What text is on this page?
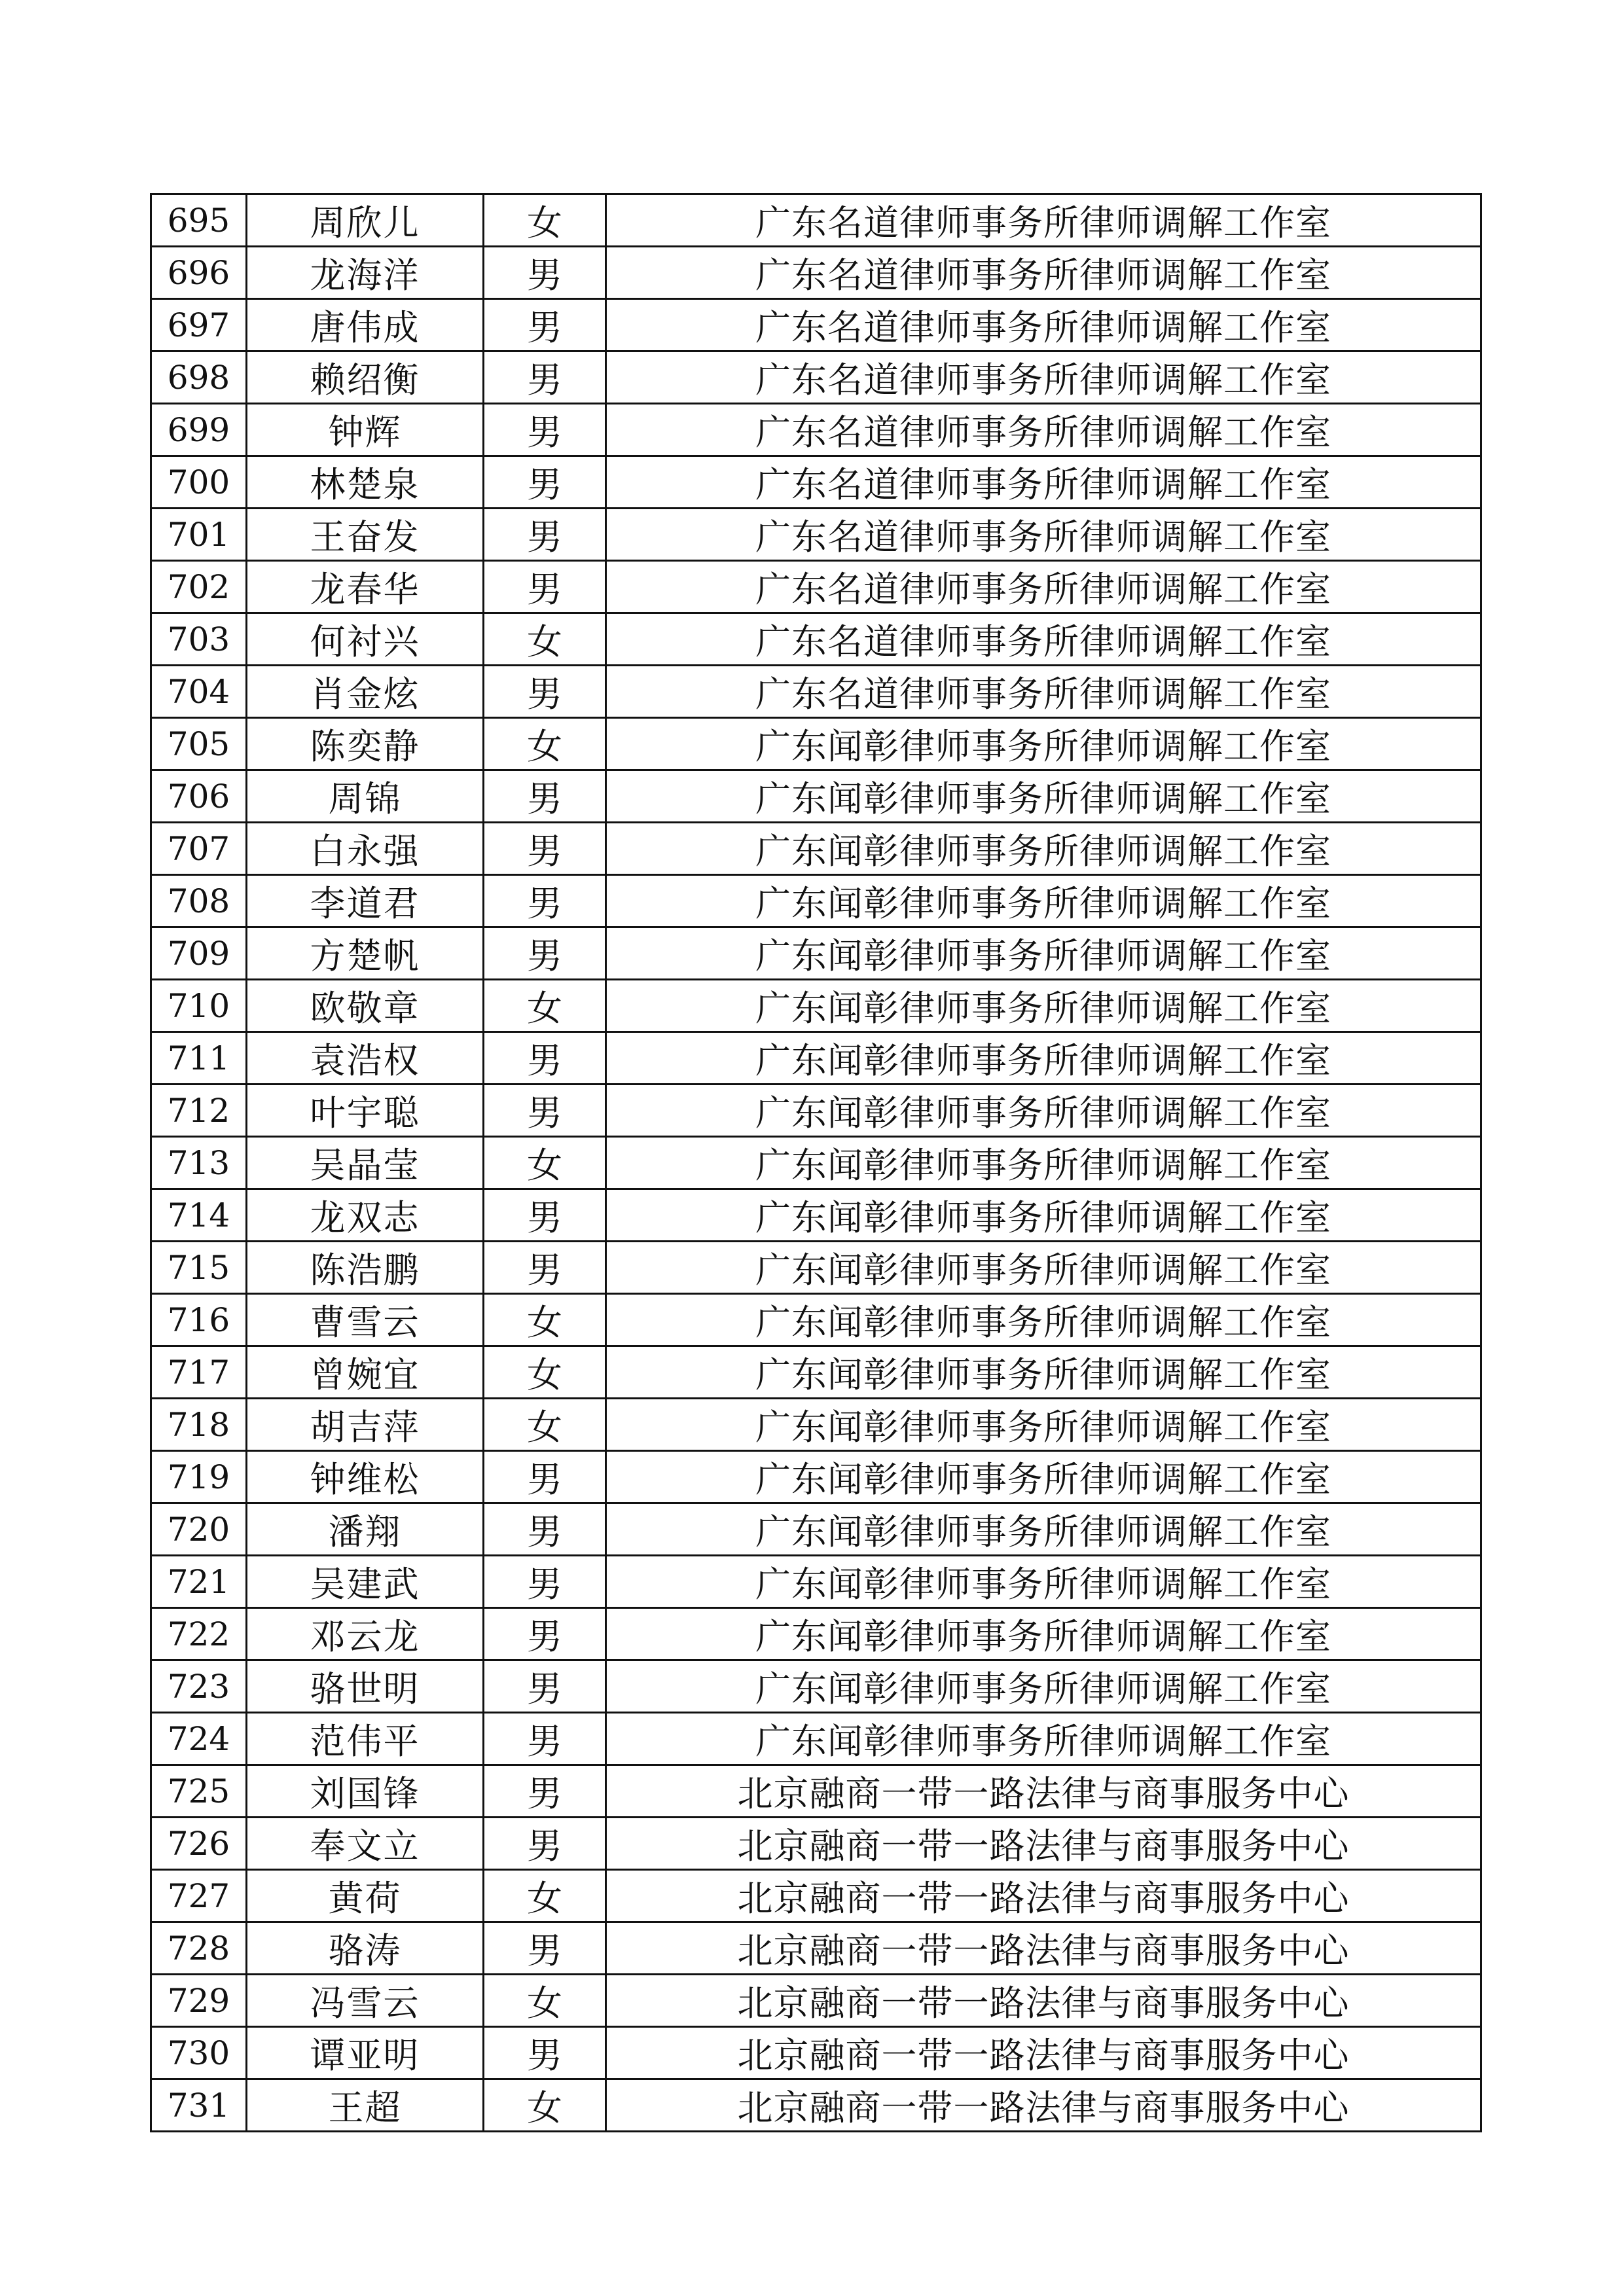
695	周欣儿	女	广东名道律师事务所律师调解工作室
696	龙海洋	男	广东名道律师事务所律师调解工作室
697	唐伟成	男	广东名道律师事务所律师调解工作室
698	赖绍衡	男	广东名道律师事务所律师调解工作室
699	钟辉	男	广东名道律师事务所律师调解工作室
700	林楚泉	男	广东名道律师事务所律师调解工作室
701	王奋发	男	广东名道律师事务所律师调解工作室
702	龙春华	男	广东名道律师事务所律师调解工作室
703	何衬兴	女	广东名道律师事务所律师调解工作室
704	肖金炫	男	广东名道律师事务所律师调解工作室
705	陈奕静	女	广东闻彰律师事务所律师调解工作室
706	周锦	男	广东闻彰律师事务所律师调解工作室
707	白永强	男	广东闻彰律师事务所律师调解工作室
708	李道君	男	广东闻彰律师事务所律师调解工作室
709	方楚帆	男	广东闻彰律师事务所律师调解工作室
710	欧敬章	女	广东闻彰律师事务所律师调解工作室
711	袁浩权	男	广东闻彰律师事务所律师调解工作室
712	叶宇聪	男	广东闻彰律师事务所律师调解工作室
713	吴晶莹	女	广东闻彰律师事务所律师调解工作室
714	龙双志	男	广东闻彰律师事务所律师调解工作室
715	陈浩鹏	男	广东闻彰律师事务所律师调解工作室
716	曹雪云	女	广东闻彰律师事务所律师调解工作室
717	曾婉宜	女	广东闻彰律师事务所律师调解工作室
718	胡吉萍	女	广东闻彰律师事务所律师调解工作室
719	钟维松	男	广东闻彰律师事务所律师调解工作室
720	潘翔	男	广东闻彰律师事务所律师调解工作室
721	吴建武	男	广东闻彰律师事务所律师调解工作室
722	邓云龙	男	广东闻彰律师事务所律师调解工作室
723	骆世明	男	广东闻彰律师事务所律师调解工作室
724	范伟平	男	广东闻彰律师事务所律师调解工作室
725	刘国锋	男	北京融商一带一路法律与商事服务中心
726	奉文立	男	北京融商一带一路法律与商事服务中心
727	黄荷	女	北京融商一带一路法律与商事服务中心
728	骆涛	男	北京融商一带一路法律与商事服务中心
729	冯雪云	女	北京融商一带一路法律与商事服务中心
730	谭亚明	男	北京融商一带一路法律与商事服务中心
731	王超	女	北京融商一带一路法律与商事服务中心
